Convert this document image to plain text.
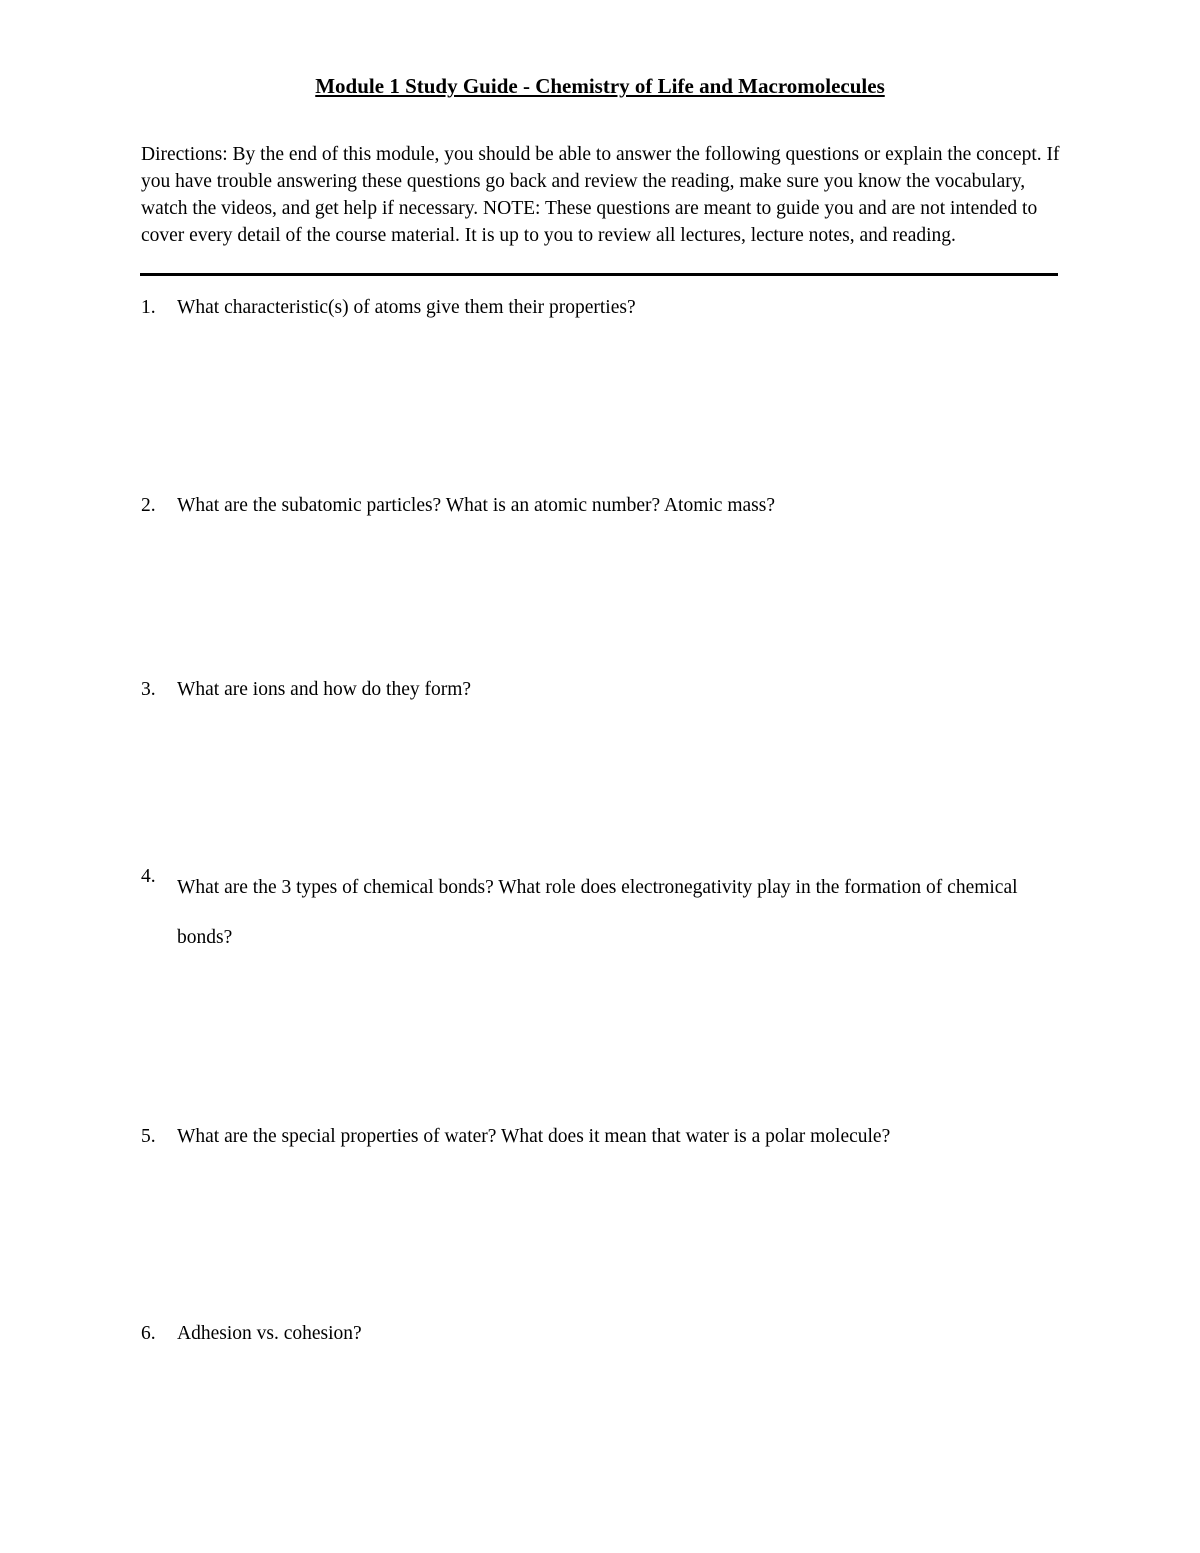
Module 1 Study Guide - Chemistry of Life and Macromolecules

Directions: By the end of this module, you should be able to answer the following questions or explain the concept. If you have trouble answering these questions go back and review the reading, make sure you know the vocabulary, watch the videos, and get help if necessary. NOTE: These questions are meant to guide you and are not intended to cover every detail of the course material. It is up to you to review all lectures, lecture notes, and reading.

1. What characteristic(s) of atoms give them their properties?
2. What are the subatomic particles? What is an atomic number? Atomic mass?
3. What are ions and how do they form?
4.
What are the 3 types of chemical bonds? What role does electronegativity play in the formation of chemical bonds?
5. What are the special properties of water? What does it mean that water is a polar molecule?
6. Adhesion vs. cohesion?
